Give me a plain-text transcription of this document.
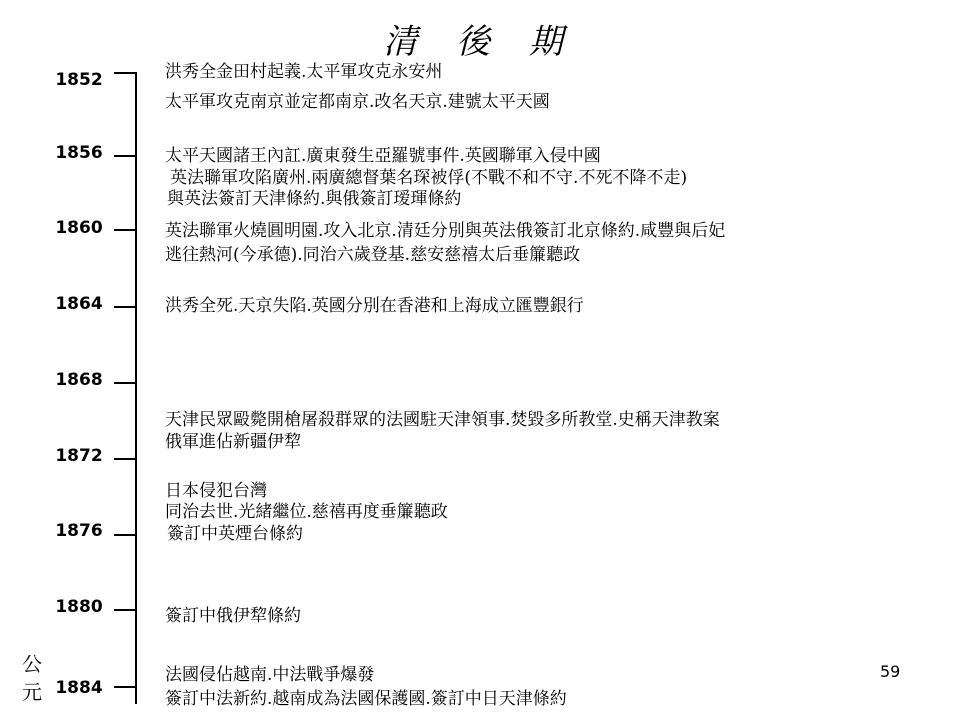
清 後 期
1852
1856
1860
1864
1868
1872
1876
1880
1884
洪秀全金田村起義.太平軍攻克永安州
太平軍攻克南京並定都南京.改名天京.建號太平天國
太平天國諸王內訌.廣東發生亞羅號事件.英國聯軍入侵中國
英法聯軍攻陷廣州.兩廣總督葉名琛被俘(不戰不和不守.不死不降不走)
與英法簽訂天津條約.與俄簽訂瑷琿條約
英法聯軍火燒圓明園.攻入北京.清廷分別與英法俄簽訂北京條約.咸豐與后妃
逃往熱河(今承德).同治六歲登基.慈安慈禧太后垂簾聽政
洪秀全死.天京失陷.英國分別在香港和上海成立匯豐銀行
天津民眾毆斃開槍屠殺群眾的法國駐天津領事.焚毀多所教堂.史稱天津教案
俄軍進佔新疆伊犂
日本侵犯台灣
同治去世.光緒繼位.慈禧再度垂簾聽政
簽訂中英煙台條約
簽訂中俄伊犂條約
法國侵佔越南.中法戰爭爆發
簽訂中法新約.越南成為法國保護國.簽訂中日天津條約
公元
59
